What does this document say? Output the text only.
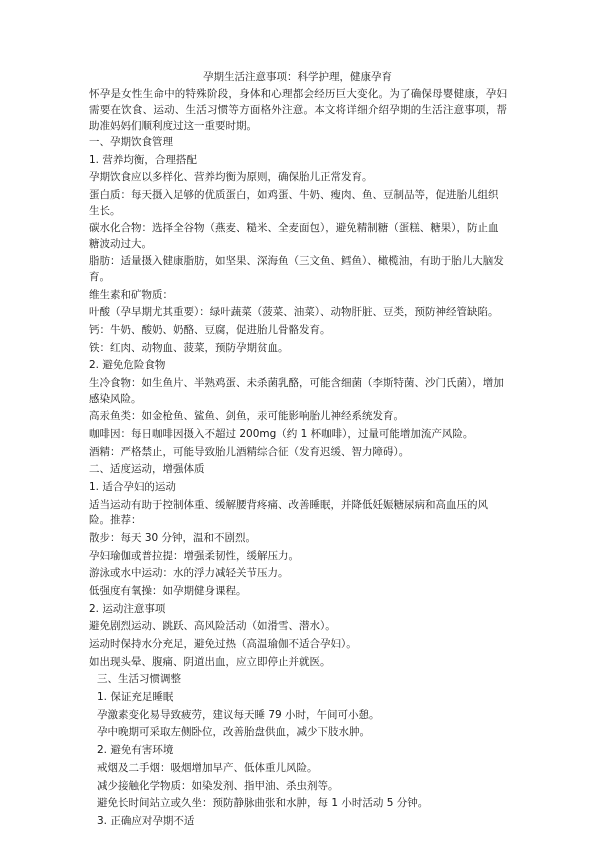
孕期生活注意事项：科学护理，健康孕育

怀孕是女性生命中的特殊阶段，身体和心理都会经历巨大变化。为了确保母婴健康，孕妇需要在饮食、运动、生活习惯等方面格外注意。本文将详细介绍孕期的生活注意事项，帮助准妈妈们顺利度过这一重要时期。

一、孕期饮食管理

1. 营养均衡，合理搭配

孕期饮食应以多样化、营养均衡为原则，确保胎儿正常发育。

蛋白质：每天摄入足够的优质蛋白，如鸡蛋、牛奶、瘦肉、鱼、豆制品等，促进胎儿组织生长。

碳水化合物：选择全谷物（燕麦、糙米、全麦面包），避免精制糖（蛋糕、糖果），防止血糖波动过大。

脂肪：适量摄入健康脂肪，如坚果、深海鱼（三文鱼、鳕鱼）、橄榄油，有助于胎儿大脑发育。

维生素和矿物质：

叶酸（孕早期尤其重要）：绿叶蔬菜（菠菜、油菜）、动物肝脏、豆类，预防神经管缺陷。

钙：牛奶、酸奶、奶酪、豆腐，促进胎儿骨骼发育。

铁：红肉、动物血、菠菜，预防孕期贫血。

2. 避免危险食物

生冷食物：如生鱼片、半熟鸡蛋、未杀菌乳酪，可能含细菌（李斯特菌、沙门氏菌），增加感染风险。

高汞鱼类：如金枪鱼、鲨鱼、剑鱼，汞可能影响胎儿神经系统发育。

咖啡因：每日咖啡因摄入不超过 200mg（约 1 杯咖啡），过量可能增加流产风险。

酒精：严格禁止，可能导致胎儿酒精综合征（发育迟缓、智力障碍）。

二、适度运动，增强体质

1. 适合孕妇的运动

适当运动有助于控制体重、缓解腰背疼痛、改善睡眠，并降低妊娠糖尿病和高血压的风险。推荐：

散步：每天 30 分钟，温和不剧烈。

孕妇瑜伽或普拉提：增强柔韧性，缓解压力。

游泳或水中运动：水的浮力减轻关节压力。

低强度有氧操：如孕期健身课程。

2. 运动注意事项

避免剧烈运动、跳跃、高风险活动（如滑雪、潜水）。

运动时保持水分充足，避免过热（高温瑜伽不适合孕妇）。

如出现头晕、腹痛、阴道出血，应立即停止并就医。

三、生活习惯调整

1. 保证充足睡眠

孕激素变化易导致疲劳，建议每天睡 79 小时，午间可小憩。

孕中晚期可采取左侧卧位，改善胎盘供血，减少下肢水肿。

2. 避免有害环境

戒烟及二手烟：吸烟增加早产、低体重儿风险。

减少接触化学物质：如染发剂、指甲油、杀虫剂等。

避免长时间站立或久坐：预防静脉曲张和水肿，每 1 小时活动 5 分钟。

3. 正确应对孕期不适
